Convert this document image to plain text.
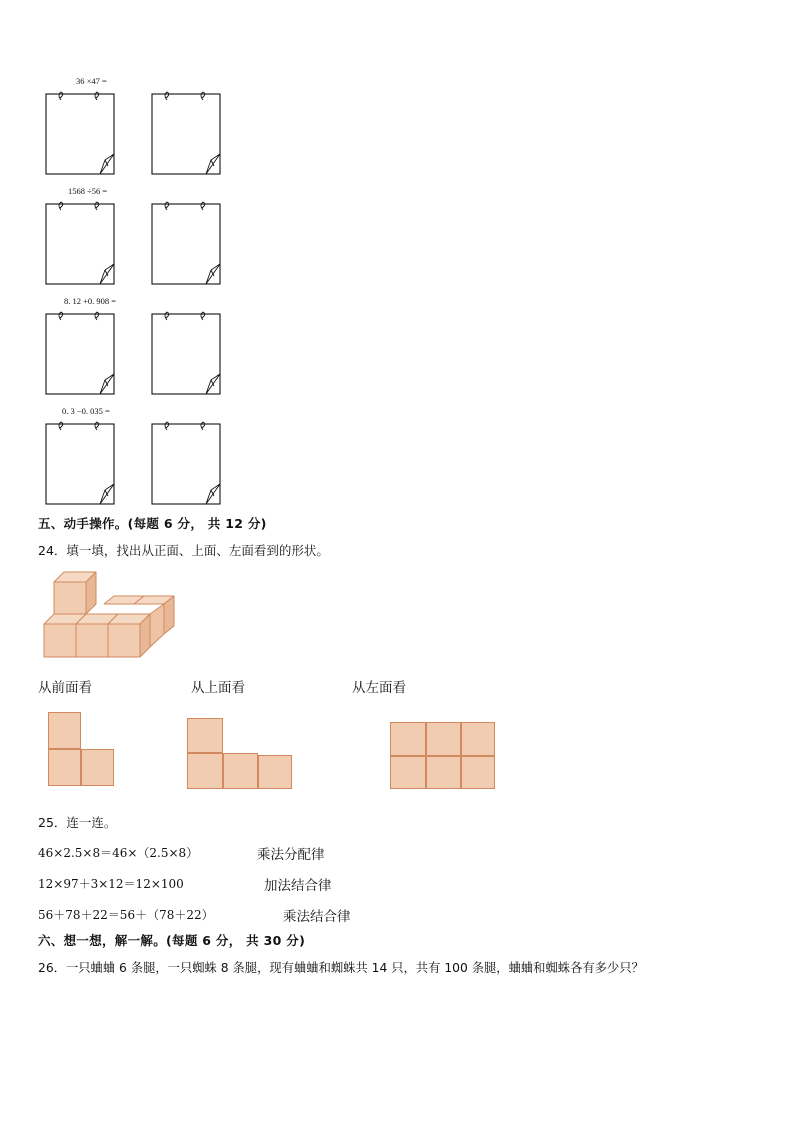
36 ×47 =
1568 ÷56 =
8. 12 +0. 908 =
0. 3 −0. 035 =
五、动手操作。(每题 6 分， 共 12 分)
24．填一填，找出从正面、上面、左面看到的形状。
从前面看	从上面看	从左面看
25．连一连。
46×2.5×8＝46×（2.5×8）	乘法分配律
12×97＋3×12＝12×100	加法结合律
56＋78＋22＝56＋（78＋22）	乘法结合律
六、想一想，解一解。(每题 6 分， 共 30 分)
26．一只蛐蛐 6 条腿，一只蜘蛛 8 条腿，现有蛐蛐和蜘蛛共 14 只，共有 100 条腿，蛐蛐和蜘蛛各有多少只？
